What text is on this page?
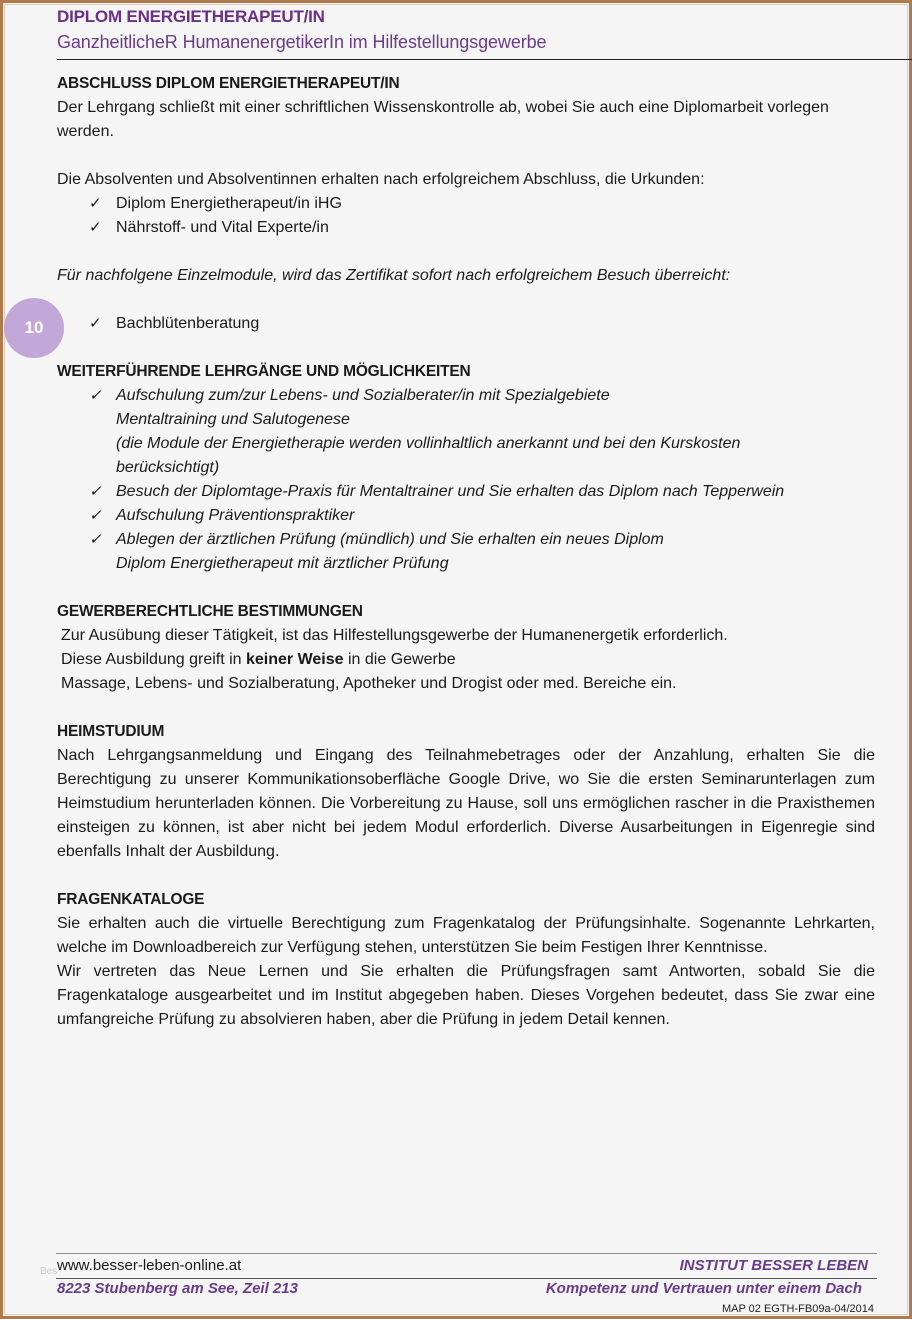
DIPLOM ENERGIETHERAPEUT/IN
GanzheitlicheR HumanenergetikerIn im Hilfestellungsgewerbe
10
ABSCHLUSS DIPLOM ENERGIETHERAPEUT/IN

Der Lehrgang schließt mit einer schriftlichen Wissenskontrolle ab, wobei Sie auch eine Diplomarbeit vorlegen werden.

Die Absolventen und Absolventinnen erhalten nach erfolgreichem Abschluss, die Urkunden:

✓ Diplom Energietherapeut/in iHG
✓ Nährstoff- und Vital Experte/in

Für nachfolgene Einzelmodule, wird das Zertifikat sofort nach erfolgreichem Besuch überreicht:

✓ Bachblütenberatung
WEITERFÜHRENDE LEHRGÄNGE UND MÖGLICHKEITEN
✓ Aufschulung zum/zur Lebens- und Sozialberater/in mit Spezialgebiete
Mentaltraining und Salutogenese
(die Module der Energietherapie werden vollinhaltlich anerkannt und bei den Kurskosten
berücksichtigt)
✓ Besuch der Diplomtage-Praxis für Mentaltrainer und Sie erhalten das Diplom nach Tepperwein
✓ Aufschulung Präventionspraktiker
✓ Ablegen der ärztlichen Prüfung (mündlich) und Sie erhalten ein neues Diplom
Diplom Energietherapeut mit ärztlicher Prüfung
GEWERBERECHTLICHE BESTIMMUNGEN
Zur Ausübung dieser Tätigkeit, ist das Hilfestellungsgewerbe der Humanenergetik erforderlich.
Diese Ausbildung greift in keiner Weise in die Gewerbe
Massage, Lebens- und Sozialberatung, Apotheker und Drogist oder med. Bereiche ein.
HEIMSTUDIUM

Nach Lehrgangsanmeldung und Eingang des Teilnahmebetrages oder der Anzahlung, erhalten Sie die Berechtigung zu unserer Kommunikationsoberfläche Google Drive, wo Sie die ersten Seminarunterlagen zum Heimstudium herunterladen können. Die Vorbereitung zu Hause, soll uns ermöglichen rascher in die Praxisthemen einsteigen zu können, ist aber nicht bei jedem Modul erforderlich. Diverse Ausarbeitungen in Eigenregie sind ebenfalls Inhalt der Ausbildung.

FRAGENKATALOGE

Sie erhalten auch die virtuelle Berechtigung zum Fragenkatalog der Prüfungsinhalte. Sogenannte Lehrkarten, welche im Downloadbereich zur Verfügung stehen, unterstützen Sie beim Festigen Ihrer Kenntnisse.

Wir vertreten das Neue Lernen und Sie erhalten die Prüfungsfragen samt Antworten, sobald Sie die Fragenkataloge ausgearbeitet und im Institut abgegeben haben. Dieses Vorgehen bedeutet, dass Sie zwar eine umfangreiche Prüfung zu absolvieren haben, aber die Prüfung in jedem Detail kennen.

Bes www.besser-leben-online.at	INSTITUT BESSER LEBEN
8223 Stubenberg am See, Zeil 213	Kompetenz und Vertrauen unter einem Dach
MAP 02 EGTH-FB09a-04/2014
